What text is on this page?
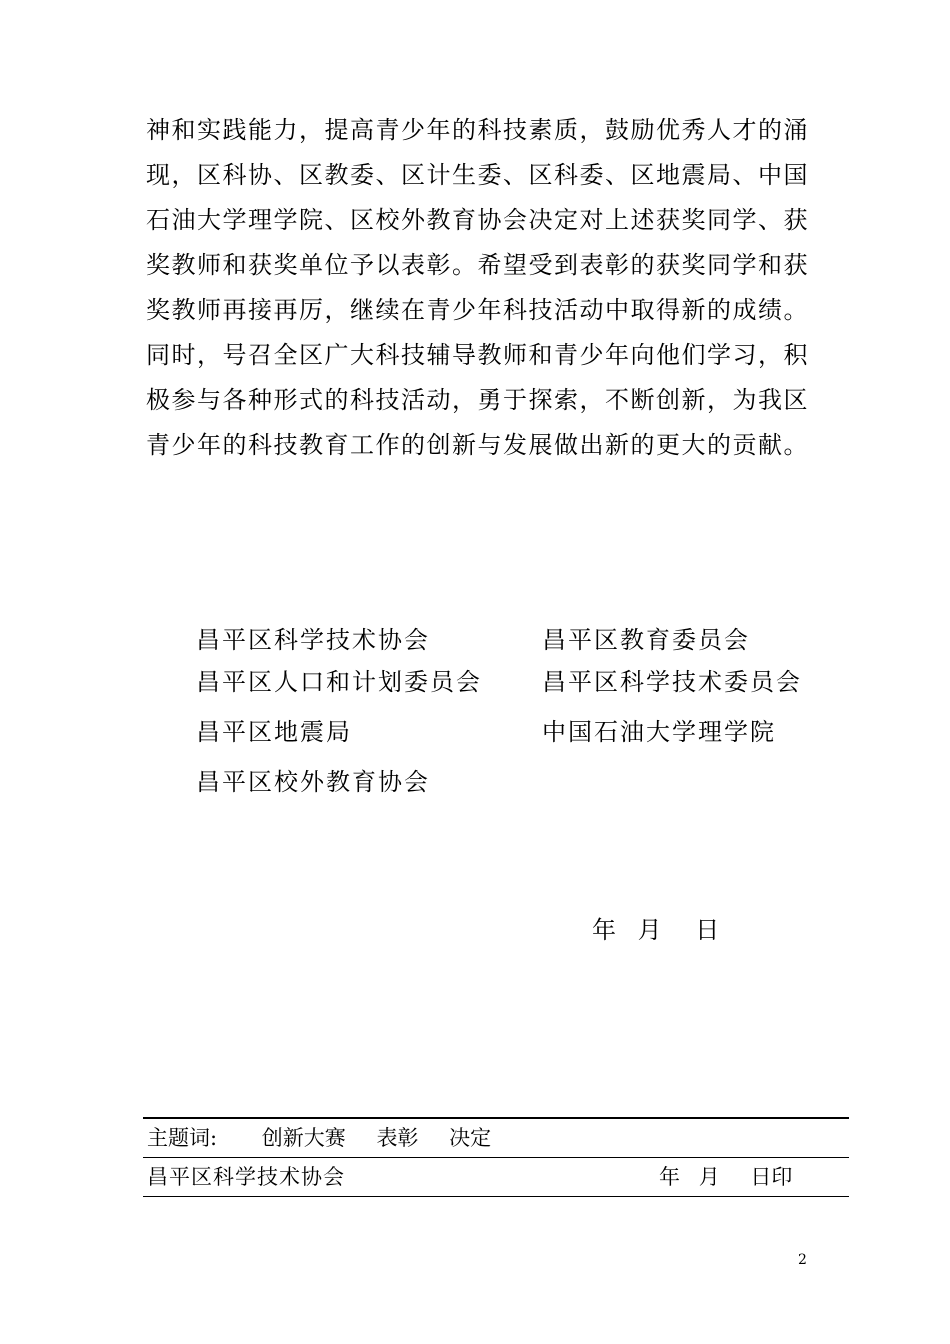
神和实践能力，提高青少年的科技素质，鼓励优秀人才的涌
现，区科协、区教委、区计生委、区科委、区地震局、中国
石油大学理学院、区校外教育协会决定对上述获奖同学、获
奖教师和获奖单位予以表彰。希望受到表彰的获奖同学和获
奖教师再接再厉，继续在青少年科技活动中取得新的成绩。
同时，号召全区广大科技辅导教师和青少年向他们学习，积
极参与各种形式的科技活动，勇于探索，不断创新，为我区
青少年的科技教育工作的创新与发展做出新的更大的贡献。
昌平区科学技术协会	昌平区教育委员会
昌平区人口和计划委员会	昌平区科学技术委员会
昌平区地震局	中国石油大学理学院
昌平区校外教育协会
年 月 日
主题词: 创新大赛 表彰 决定
昌平区科学技术协会	年 月 日印
2
